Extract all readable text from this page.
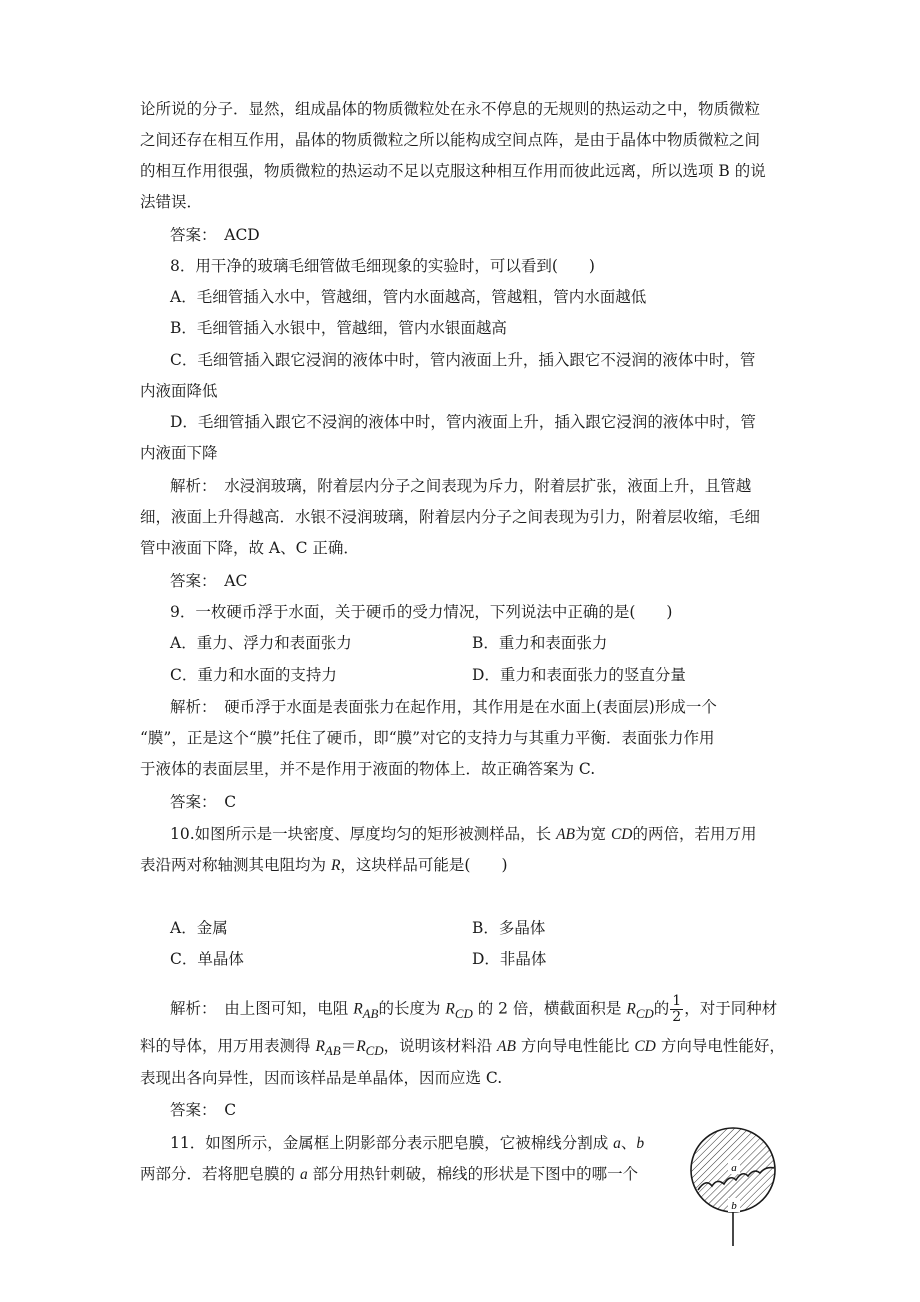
论所说的分子．显然，组成晶体的物质微粒处在永不停息的无规则的热运动之中，物质微粒
之间还存在相互作用，晶体的物质微粒之所以能构成空间点阵，是由于晶体中物质微粒之间
的相互作用很强，物质微粒的热运动不足以克服这种相互作用而彼此远离，所以选项 B 的说
法错误．
答案：　ACD
8．用干净的玻璃毛细管做毛细现象的实验时，可以看到(　　)
A．毛细管插入水中，管越细，管内水面越高，管越粗，管内水面越低
B．毛细管插入水银中，管越细，管内水银面越高
C．毛细管插入跟它浸润的液体中时，管内液面上升，插入跟它不浸润的液体中时，管
内液面降低
D．毛细管插入跟它不浸润的液体中时，管内液面上升，插入跟它浸润的液体中时，管
内液面下降
解析：　水浸润玻璃，附着层内分子之间表现为斥力，附着层扩张，液面上升，且管越
细，液面上升得越高．水银不浸润玻璃，附着层内分子之间表现为引力，附着层收缩，毛细
管中液面下降，故 A、C 正确．
答案：　AC
9．一枚硬币浮于水面，关于硬币的受力情况，下列说法中正确的是(　　)
A．重力、浮力和表面张力	B．重力和表面张力
C．重力和水面的支持力	D．重力和表面张力的竖直分量
解析：　硬币浮于水面是表面张力在起作用，其作用是在水面上(表面层)形成一个
“膜”，正是这个“膜”托住了硬币，即“膜”对它的支持力与其重力平衡．表面张力作用
于液体的表面层里，并不是作用于液面的物体上．故正确答案为 C.
答案：　C
10.如图所示是一块密度、厚度均匀的矩形被测样品，长 AB为宽 CD的两倍，若用万用
表沿两对称轴测其电阻均为 R，这块样品可能是(　　)
A．金属	B．多晶体
C．单晶体	D．非晶体
解析：　由上图可知，电阻 $R_{AB}$的长度为 $R_{CD}$ 的 2 倍，横截面积是 $R_{CD}$的 $\frac{1}{2}$ ，对于同种材
料的导体，用万用表测得 $R_{AB}=R_{CD}$，说明该材料沿 AB 方向导电性能比 CD 方向导电性能好，
表现出各向异性，因而该样品是单晶体，因而应选 C.
答案：　C
11．如图所示，金属框上阴影部分表示肥皂膜，它被棉线分割成 a、b
两部分．若将肥皂膜的 a 部分用热针刺破，棉线的形状是下图中的哪一个	a
b
